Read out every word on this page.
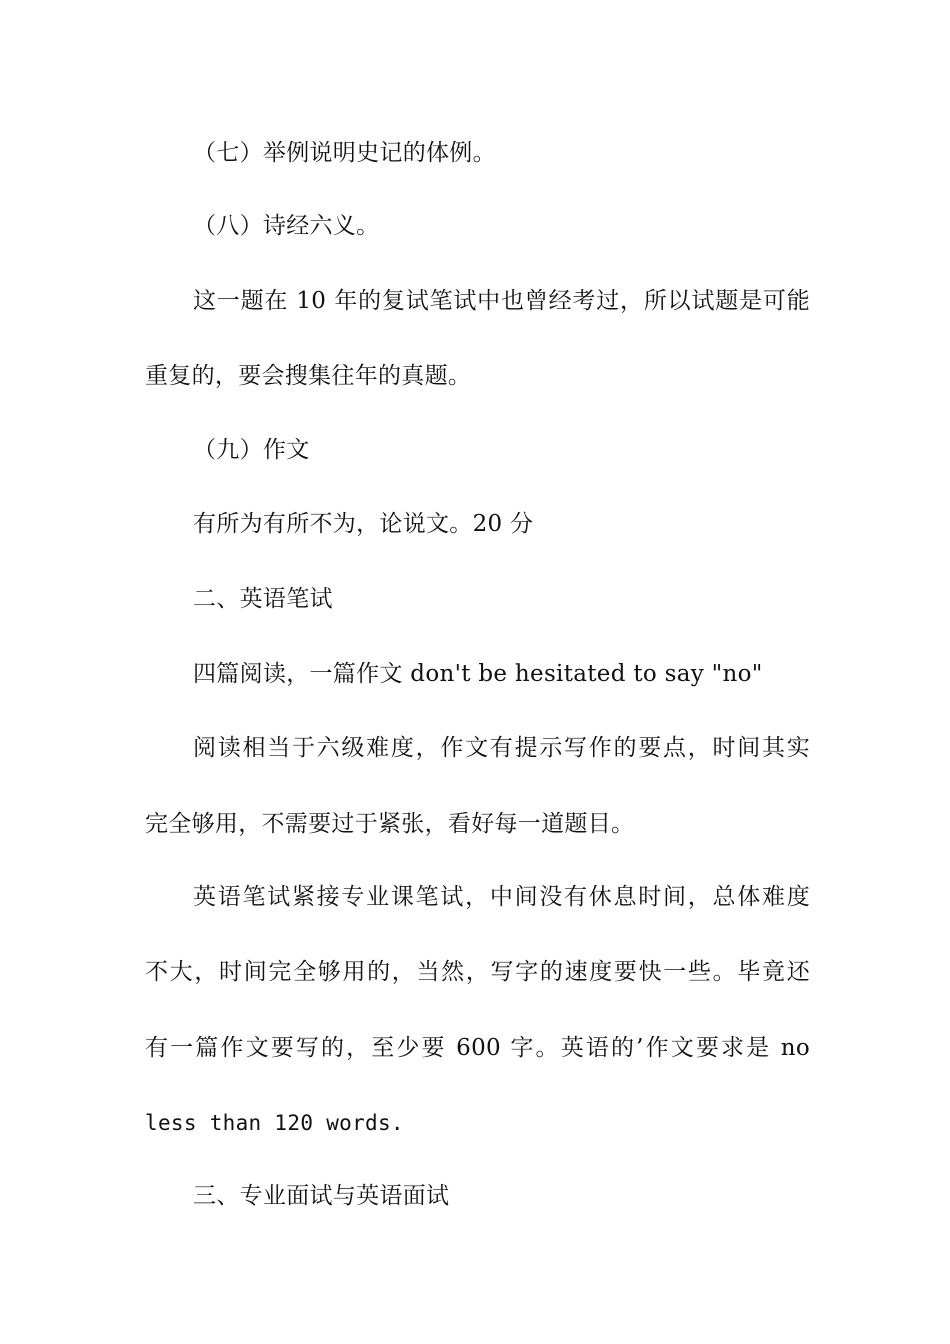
（七）举例说明史记的体例。
（八）诗经六义。
这一题在 10 年的复试笔试中也曾经考过，所以试题是可能
重复的，要会搜集往年的真题。
（九）作文
有所为有所不为，论说文。20 分
二、英语笔试
四篇阅读，一篇作文 don't be hesitated to say "no"
阅读相当于六级难度，作文有提示写作的要点，时间其实
完全够用，不需要过于紧张，看好每一道题目。
英语笔试紧接专业课笔试，中间没有休息时间，总体难度
不大，时间完全够用的，当然，写字的速度要快一些。毕竟还
有一篇作文要写的，至少要 600 字。英语的’作文要求是 no
less than 120 words.
三、专业面试与英语面试
